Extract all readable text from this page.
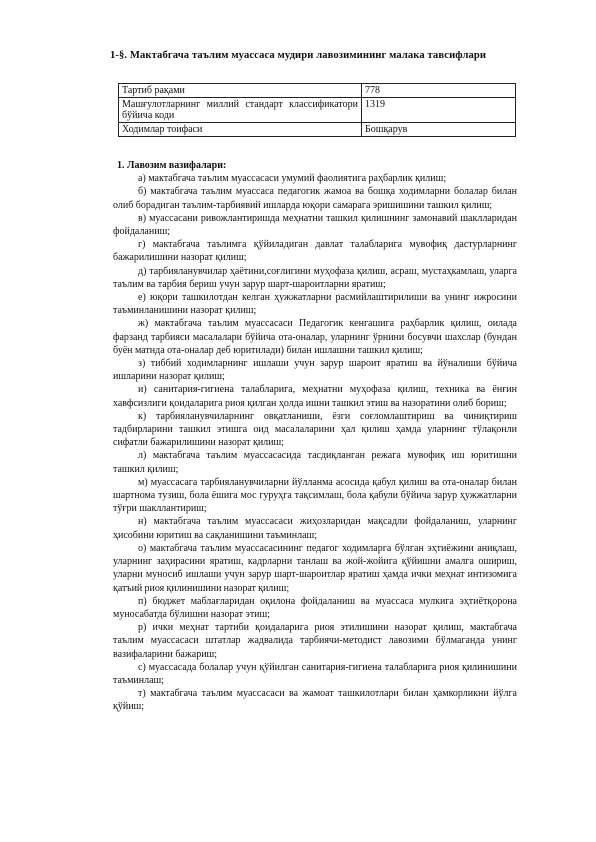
1-§. Мактабгача таълим муассаса мудири лавозимининг малака тавсифлари
Тартиб рақами	778
Машғулотларнинг миллий стандарт классификатори бўйича коди	1319
Ходимлар тоифаси	Бошқарув
1. Лавозим вазифалари:

а) мактабгача таълим муассасаси умумий фаолиятига раҳбарлик қилиш;

б) мактабгача таълим муассаса педагогик жамоа ва бошқа ходимларни болалар билан олиб борадиган таълим-тарбиявий ишларда юқори самарага эришишини ташкил қилиш;

в) муассасани ривожлантиришда меҳнатни ташкил қилишнинг замонавий шаклларидан фойдаланиш;

г) мактабгача таълимга қўйиладиган давлат талабларига мувофиқ дастурларнинг бажарилишини назорат қилиш;

д) тарбияланувчилар ҳаётини,соғлигини муҳофаза қилиш, асраш, мустаҳкамлаш, уларга таълим ва тарбия бериш учун зарур шарт-шароитларни яратиш;

е) юқори ташкилотдан келган ҳужжатларни расмийлаштирилиши ва унинг ижросини таъминланишини назорат қилиш;

ж) мактабгача таълим муассасаси Педагогик кенгашига раҳбарлик қилиш, оилада фарзанд тарбияси масалалари бўйича ота-оналар, уларнинг ўрнини босувчи шахслар (бундан буён матнда ота-оналар деб юритилади) билан ишлашни ташкил қилиш;

з) тиббий ходимларнинг ишлаши учун зарур шароит яратиш ва йўналиши бўйича ишларини назорат қилиш;

и) санитария-гигиена талабларига, меҳнатни муҳофаза қилиш, техника ва ёнғин хавфсизлиги қоидаларига риоя қилган ҳолда ишни ташкил этиш ва назоратини олиб бориш;

к) тарбияланувчиларнинг овқатланиши, ёзги соғломлаштириш ва чиниқтириш тадбирларини ташкил этишга оид масалаларини ҳал қилиш ҳамда уларнинг тўлақонли сифатли бажарилишини назорат қилиш;

л) мактабгача таълим муассасасида тасдиқланган режага мувофиқ иш юритишни ташкил қилиш;

м) муассасага тарбияланувчиларни йўлланма асосида қабул қилиш ва ота-оналар билан шартнома тузиш, бола ёшига мос гуруҳга тақсимлаш, бола қабули бўйича зарур ҳужжатларни тўғри шакллантириш;

н) мактабгача таълим муассасаси жиҳозларидан мақсадли фойдаланиш, уларнинг ҳисобини юритиш ва сақланишини таъминлаш;

о) мактабгача таълим муассасасининг педагог ходимларга бўлган эҳтиёжини аниқлаш, уларнинг заҳирасини яратиш, кадрларни танлаш ва жой-жойига қўйишни амалга ошириш, уларни муносиб ишлаши учун зарур шарт-шароитлар яратиш ҳамда ички меҳнат интизомига қатъий риоя қилинишини назорат қилиш;

п) бюджет маблағларидан оқилона фойдаланиш ва муассаса мулкига эҳтиётқорона муносабатда бўлишни назорат этиш;

р) ички меҳнат тартиби қоидаларига риоя этилишини назорат қилиш, мактабгача таълим муассасаси штатлар жадвалида тарбиячи-методист лавозими бўлмаганда унинг вазифаларини бажариш;

с) муассасада болалар учун қўйилган санитария-гигиена талабларига риоя қилинишини таъминлаш;

т) мактабгача таълим муассасаси ва жамоат ташкилотлари билан ҳамкорликни йўлга қўйиш;
